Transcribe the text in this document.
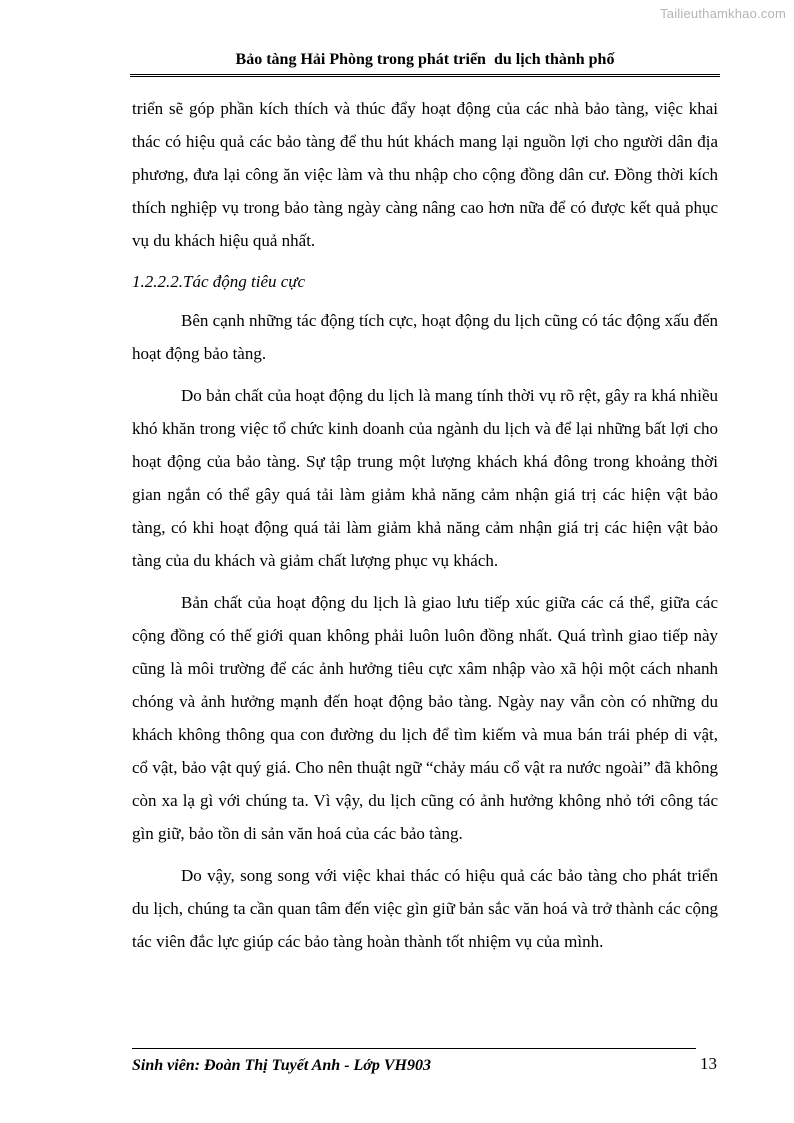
Tailieuthamkhao.com
Bảo tàng Hải Phòng trong phát triển  du lịch thành phố

triển sẽ góp phần kích thích và thúc đẩy hoạt động của các nhà bảo tàng, việc khai thác có hiệu quả các bảo tàng để thu hút khách mang lại nguồn lợi cho người dân địa phương, đưa lại công ăn việc làm và thu nhập cho cộng đồng dân cư. Đồng thời kích thích nghiệp vụ trong bảo tàng ngày càng nâng cao hơn nữa để có được kết quả phục vụ du khách hiệu quả nhất.

1.2.2.2.Tác động tiêu cực

Bên cạnh những tác động tích cực, hoạt động du lịch cũng có tác động xấu đến hoạt động bảo tàng.

Do bản chất của hoạt động du lịch là mang tính thời vụ rõ rệt, gây ra khá nhiều khó khăn trong việc tổ chức kinh doanh của ngành du lịch và để lại những bất lợi cho hoạt động của bảo tàng. Sự tập trung một lượng khách khá đông trong khoảng thời gian ngắn có thể gây quá tải làm giảm khả năng cảm nhận giá trị các hiện vật bảo tàng, có khi hoạt động quá tải làm giảm khả năng cảm nhận giá trị các hiện vật bảo tàng của du khách và giảm chất lượng phục vụ khách.

Bản chất của hoạt động du lịch là giao lưu tiếp xúc giữa các cá thể, giữa các cộng đồng có thế giới quan không phải luôn luôn đồng nhất. Quá trình giao tiếp này cũng là môi trường để các ảnh hưởng tiêu cực xâm nhập vào xã hội một cách nhanh chóng và ảnh hưởng mạnh đến hoạt động bảo tàng. Ngày nay vẫn còn có những du khách không thông qua con đường du lịch để tìm kiếm và mua bán trái phép di vật, cổ vật, bảo vật quý giá. Cho nên thuật ngữ “chảy máu cổ vật ra nước ngoài” đã không còn xa lạ gì với chúng ta. Vì vậy, du lịch cũng có ảnh hưởng không nhỏ tới công tác gìn giữ, bảo tồn di sản văn hoá của các bảo tàng.

Do vậy, song song với việc khai thác có hiệu quả các bảo tàng cho phát triển du lịch, chúng ta cần quan tâm đến việc gìn giữ bản sắc văn hoá và trở thành các cộng tác viên đắc lực giúp các bảo tàng hoàn thành tốt nhiệm vụ của mình.

Sinh viên: Đoàn Thị Tuyết Anh - Lớp VH903	13
